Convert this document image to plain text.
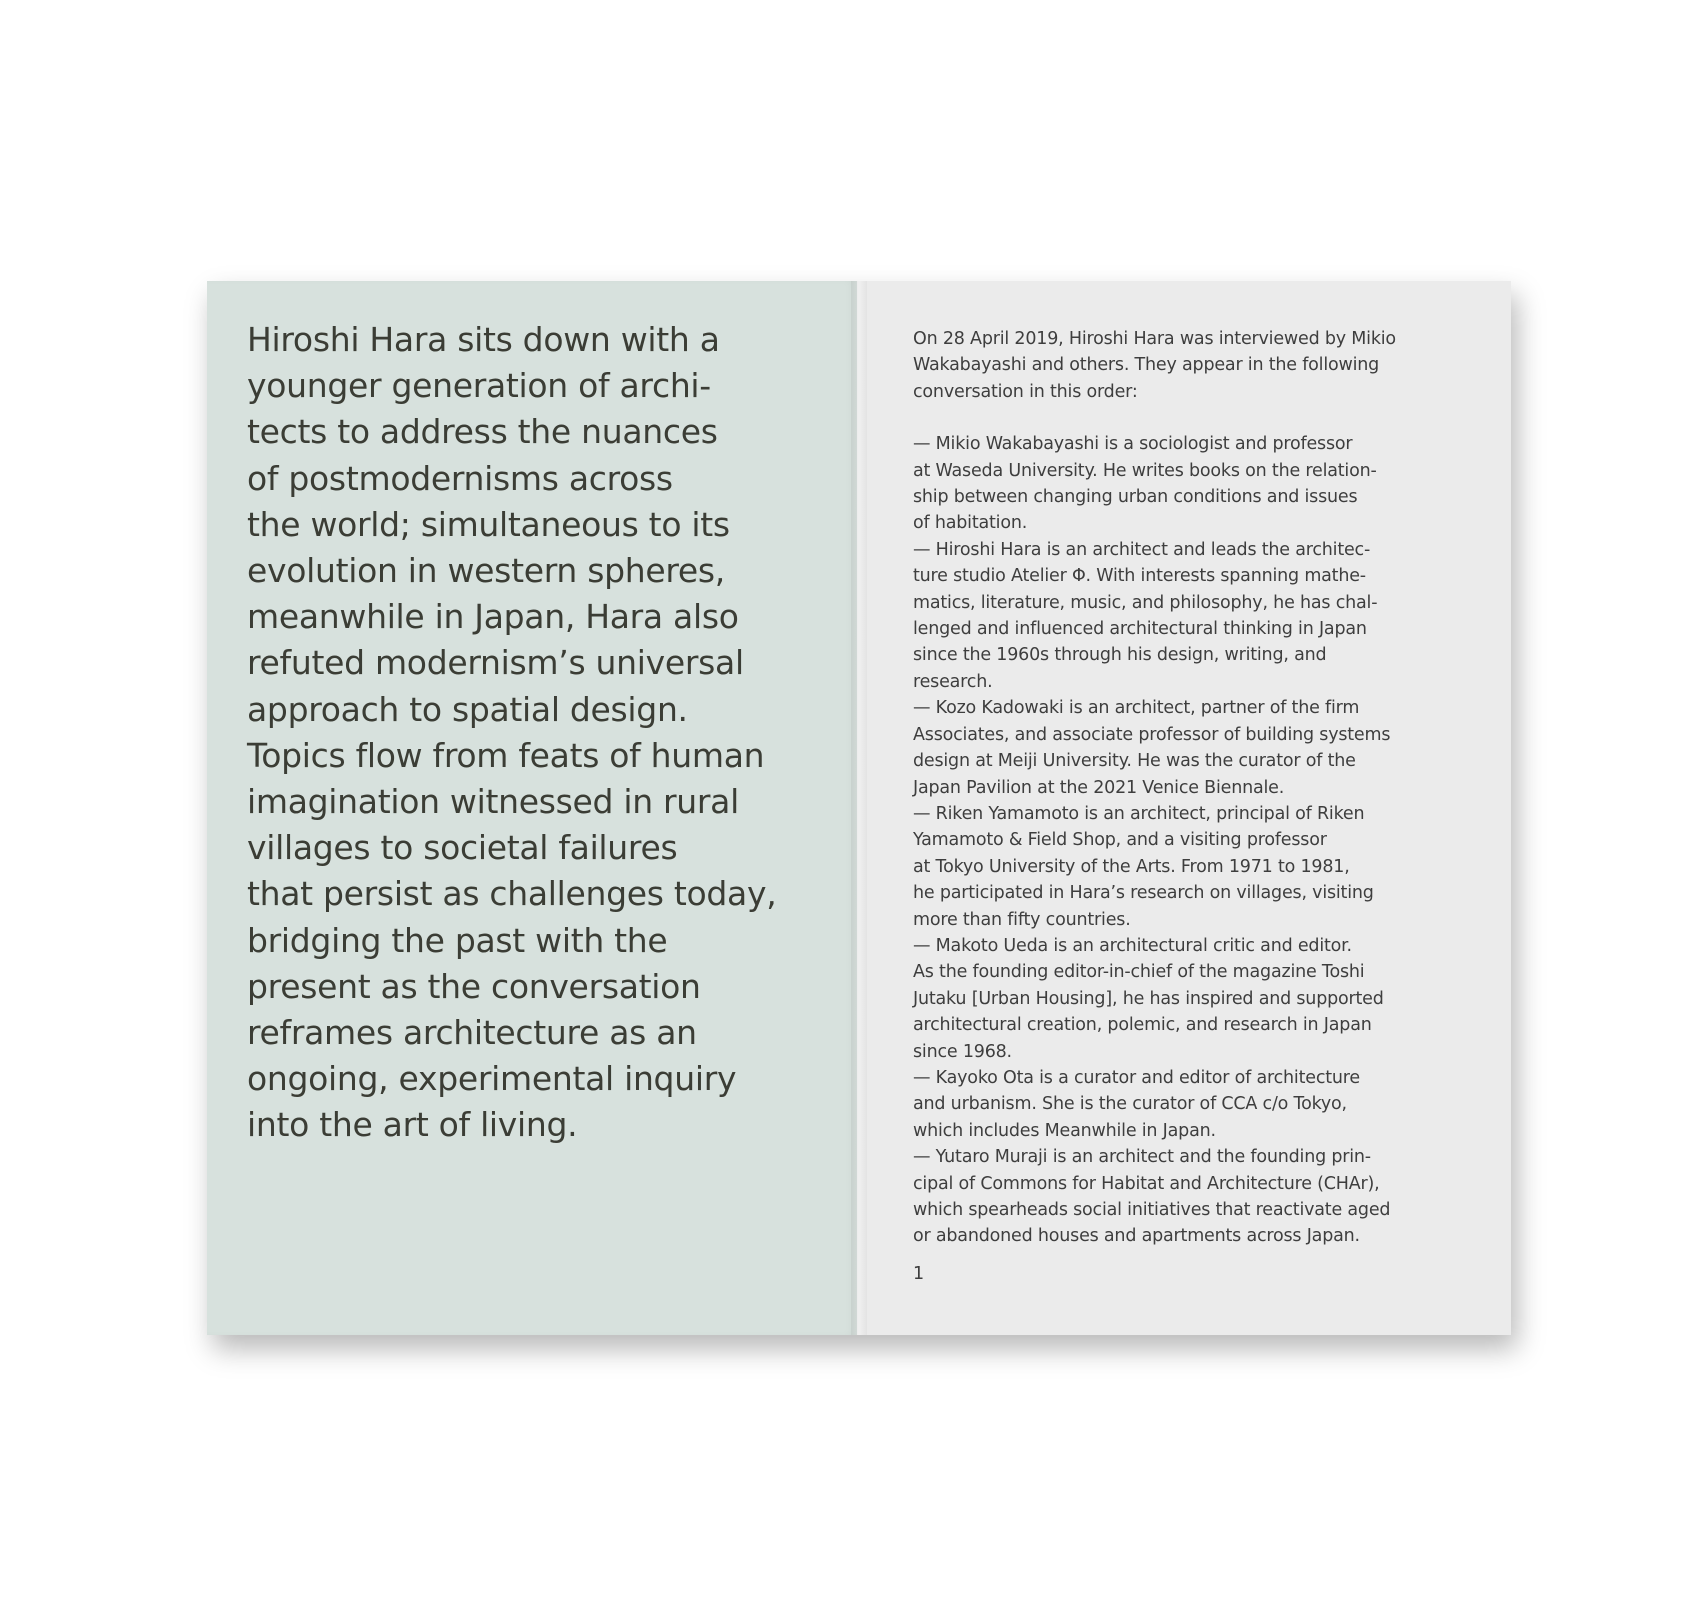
Hiroshi Hara sits down with a
younger generation of archi-
tects to address the nuances
of postmodernisms across
the world; simultaneous to its
evolution in western spheres,
meanwhile in Japan, Hara also
refuted modernism’s universal
approach to spatial design.
Topics flow from feats of human
imagination witnessed in rural
villages to societal failures
that persist as challenges today,
bridging the past with the
present as the conversation
reframes architecture as an
ongoing, experimental inquiry
into the art of living.

On 28 April 2019, Hiroshi Hara was interviewed by Mikio
Wakabayashi and others. They appear in the following
conversation in this order:
— Mikio Wakabayashi is a sociologist and professor
at Waseda University. He writes books on the relation-
ship between changing urban conditions and issues
of habitation.
— Hiroshi Hara is an architect and leads the architec-
ture studio Atelier Φ. With interests spanning mathe-
matics, literature, music, and philosophy, he has chal-
lenged and influenced architectural thinking in Japan
since the 1960s through his design, writing, and
research.
— Kozo Kadowaki is an architect, partner of the firm
Associates, and associate professor of building systems
design at Meiji University. He was the curator of the
Japan Pavilion at the 2021 Venice Biennale.
— Riken Yamamoto is an architect, principal of Riken
Yamamoto & Field Shop, and a visiting professor
at Tokyo University of the Arts. From 1971 to 1981,
he participated in Hara’s research on villages, visiting
more than fifty countries.
— Makoto Ueda is an architectural critic and editor.
As the founding editor-in-chief of the magazine Toshi
Jutaku [Urban Housing], he has inspired and supported
architectural creation, polemic, and research in Japan
since 1968.
— Kayoko Ota is a curator and editor of architecture
and urbanism. She is the curator of CCA c/o Tokyo,
which includes Meanwhile in Japan.
— Yutaro Muraji is an architect and the founding prin-
cipal of Commons for Habitat and Architecture (CHAr),
which spearheads social initiatives that reactivate aged
or abandoned houses and apartments across Japan.
1
